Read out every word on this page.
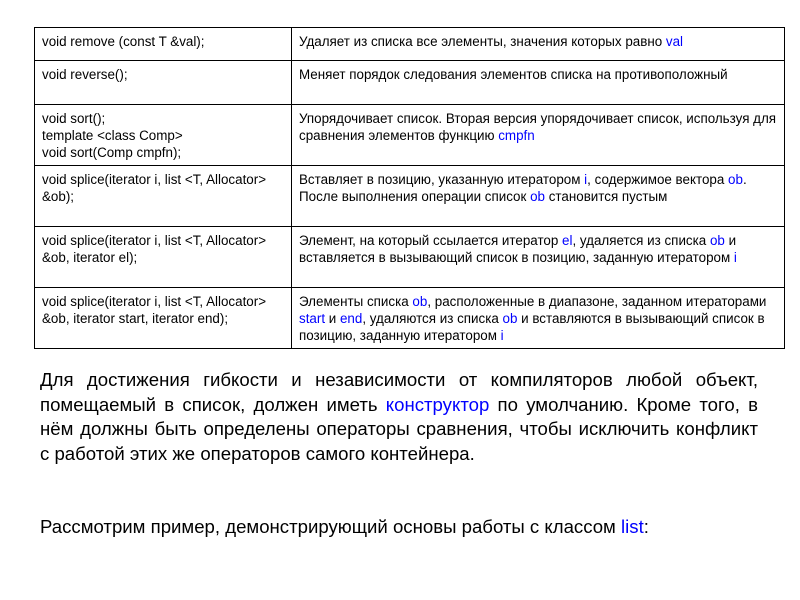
void remove (const T &val);	Удаляет из списка все элементы, значения которых равно val

void reverse();	Меняет порядок следования элементов списка на противоположный

void sort();
template <class Comp>
void sort(Comp cmpfn);	Упорядочивает список. Вторая версия упорядочивает список, используя для сравнения элементов функцию cmpfn

void splice(iterator i, list <T, Allocator> &ob);	Вставляет в позицию, указанную итератором i, содержимое вектора ob. После выполнения операции список ob становится пустым

void splice(iterator i, list <T, Allocator> &ob, iterator el);	Элемент, на который ссылается итератор el, удаляется из списка ob и вставляется в вызывающий список в позицию, заданную итератором i

void splice(iterator i, list <T, Allocator> &ob, iterator start, iterator end);	Элементы списка ob, расположенные в диапазоне, заданном итераторами start и end, удаляются из списка ob и вставляются в вызывающий список в позицию, заданную итератором i

Для достижения гибкости и независимости от компиляторов любой объект, помещаемый в список, должен иметь конструктор по умолчанию. Кроме того, в нём должны быть определены операторы сравнения, чтобы исключить конфликт с работой этих же операторов самого контейнера.

Рассмотрим пример, демонстрирующий основы работы с классом list:
